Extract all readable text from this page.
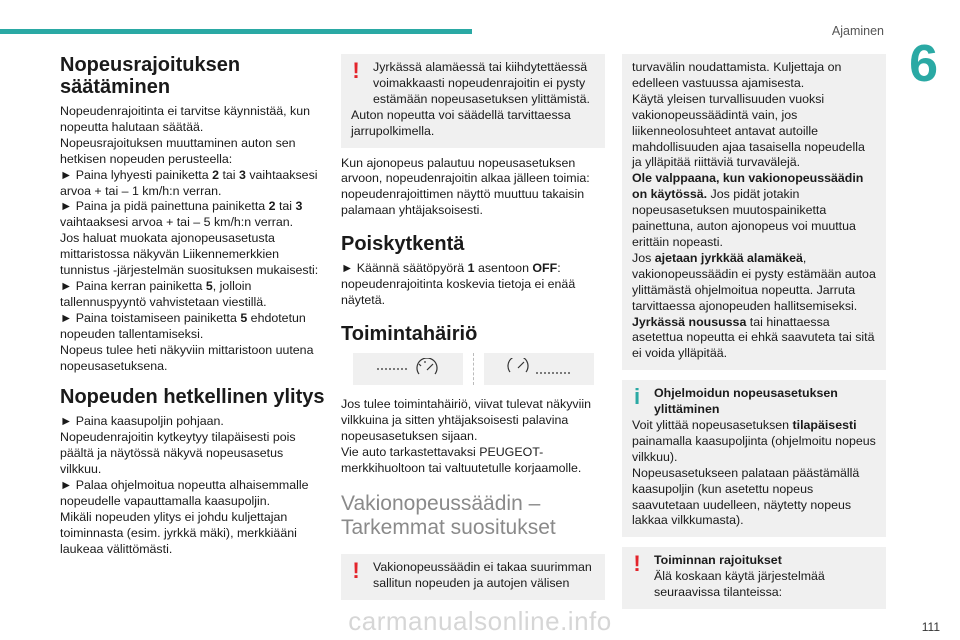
Ajaminen
6
Nopeusrajoituksen säätäminen
Nopeudenrajoitinta ei tarvitse käynnistää, kun nopeutta halutaan säätää.
Nopeusrajoituksen muuttaminen auton sen hetkisen nopeuden perusteella:
► Paina lyhyesti painiketta 2 tai 3 vaihtaaksesi arvoa + tai – 1 km/h:n verran.
► Paina ja pidä painettuna painiketta 2 tai 3 vaihtaaksesi arvoa + tai – 5 km/h:n verran.
Jos haluat muokata ajonopeusasetusta mittaristossa näkyvän Liikennemerkkien tunnistus -järjestelmän suosituksen mukaisesti:
► Paina kerran painiketta 5, jolloin tallennuspyyntö vahvistetaan viestillä.
► Paina toistamiseen painiketta 5 ehdotetun nopeuden tallentamiseksi.
Nopeus tulee heti näkyviin mittaristoon uutena nopeusasetuksena.
Nopeuden hetkellinen ylitys
► Paina kaasupoljin pohjaan.
Nopeudenrajoitin kytkeytyy tilapäisesti pois päältä ja näytössä näkyvä nopeusasetus vilkkuu.
► Palaa ohjelmoitua nopeutta alhaisemmalle nopeudelle vapauttamalla kaasupoljin.
Mikäli nopeuden ylitys ei johdu kuljettajan toiminnasta (esim. jyrkkä mäki), merkkiääni laukeaa välittömästi.
!	Jyrkässä alamäessä tai kiihdytettäessä voimakkaasti nopeudenrajoitin ei pysty estämään nopeusasetuksen ylittämistä.
Auton nopeutta voi säädellä tarvittaessa jarrupolkimella.
Kun ajonopeus palautuu nopeusasetuksen arvoon, nopeudenrajoitin alkaa jälleen toimia: nopeudenrajoittimen näyttö muuttuu takaisin palamaan yhtäjaksoisesti.
Poiskytkentä
► Käännä säätöpyörä 1 asentoon OFF: nopeudenrajoitinta koskevia tietoja ei enää näytetä.
Toimintahäiriö
Jos tulee toimintahäiriö, viivat tulevat näkyviin vilkkuina ja sitten yhtäjaksoisesti palavina nopeusasetuksen sijaan.
Vie auto tarkastettavaksi PEUGEOT-merkkihuoltoon tai valtuutetulle korjaamolle.
Vakionopeussäädin – Tarkemmat suositukset
!	Vakionopeussäädin ei takaa suurimman sallitun nopeuden ja autojen välisen
turvavälin noudattamista. Kuljettaja on edelleen vastuussa ajamisesta.
Käytä yleisen turvallisuuden vuoksi vakionopeussäädintä vain, jos liikenneolosuhteet antavat autoille mahdollisuuden ajaa tasaisella nopeudella ja ylläpitää riittäviä turvavälejä.
Ole valppaana, kun vakionopeussäädin on käytössä. Jos pidät jotakin nopeusasetuksen muutospainiketta painettuna, auton ajonopeus voi muuttua erittäin nopeasti.
Jos ajetaan jyrkkää alamäkeä, vakionopeussäädin ei pysty estämään autoa ylittämästä ohjelmoitua nopeutta. Jarruta tarvittaessa ajonopeuden hallitsemiseksi.
Jyrkässä nousussa tai hinattaessa asetettua nopeutta ei ehkä saavuteta tai sitä ei voida ylläpitää.
i	Ohjelmoidun nopeusasetuksen ylittäminen
Voit ylittää nopeusasetuksen tilapäisesti painamalla kaasupoljinta (ohjelmoitu nopeus vilkkuu).
Nopeusasetukseen palataan päästämällä kaasupoljin (kun asetettu nopeus saavutetaan uudelleen, näytetty nopeus lakkaa vilkkumasta).
!	Toiminnan rajoitukset
Älä koskaan käytä järjestelmää seuraavissa tilanteissa:
carmanualsonline.info	111
